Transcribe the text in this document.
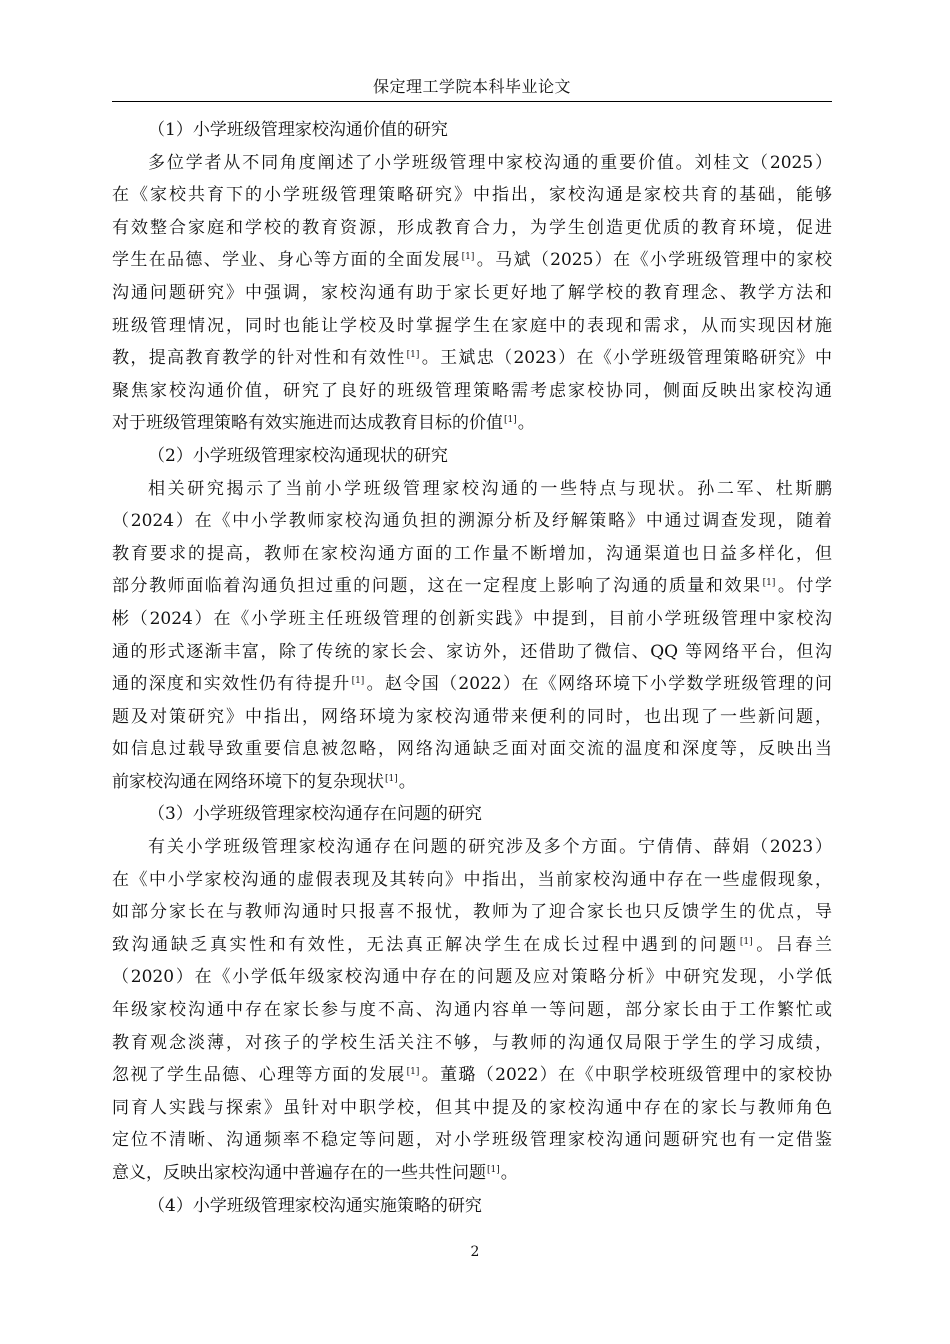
保定理工学院本科毕业论文
（1）小学班级管理家校沟通价值的研究
多位学者从不同角度阐述了小学班级管理中家校沟通的重要价值。刘桂文（2025）
在《家校共育下的小学班级管理策略研究》中指出，家校沟通是家校共育的基础，能够
有效整合家庭和学校的教育资源，形成教育合力，为学生创造更优质的教育环境，促进
学生在品德、学业、身心等方面的全面发展[1]。马斌（2025）在《小学班级管理中的家校
沟通问题研究》中强调，家校沟通有助于家长更好地了解学校的教育理念、教学方法和
班级管理情况，同时也能让学校及时掌握学生在家庭中的表现和需求，从而实现因材施
教，提高教育教学的针对性和有效性[1]。王斌忠（2023）在《小学班级管理策略研究》中
聚焦家校沟通价值，研究了良好的班级管理策略需考虑家校协同，侧面反映出家校沟通
对于班级管理策略有效实施进而达成教育目标的价值[1]。
（2）小学班级管理家校沟通现状的研究
相关研究揭示了当前小学班级管理家校沟通的一些特点与现状。孙二军、杜斯鹏
（2024）在《中小学教师家校沟通负担的溯源分析及纾解策略》中通过调查发现，随着
教育要求的提高，教师在家校沟通方面的工作量不断增加，沟通渠道也日益多样化，但
部分教师面临着沟通负担过重的问题，这在一定程度上影响了沟通的质量和效果[1]。付学
彬（2024）在《小学班主任班级管理的创新实践》中提到，目前小学班级管理中家校沟
通的形式逐渐丰富，除了传统的家长会、家访外，还借助了微信、QQ 等网络平台，但沟
通的深度和实效性仍有待提升[1]。赵令国（2022）在《网络环境下小学数学班级管理的问
题及对策研究》中指出，网络环境为家校沟通带来便利的同时，也出现了一些新问题，
如信息过载导致重要信息被忽略，网络沟通缺乏面对面交流的温度和深度等，反映出当
前家校沟通在网络环境下的复杂现状[1]。
（3）小学班级管理家校沟通存在问题的研究
有关小学班级管理家校沟通存在问题的研究涉及多个方面。宁倩倩、薛娟（2023）
在《中小学家校沟通的虚假表现及其转向》中指出，当前家校沟通中存在一些虚假现象，
如部分家长在与教师沟通时只报喜不报忧，教师为了迎合家长也只反馈学生的优点，导
致沟通缺乏真实性和有效性，无法真正解决学生在成长过程中遇到的问题[1]。吕春兰
（2020）在《小学低年级家校沟通中存在的问题及应对策略分析》中研究发现，小学低
年级家校沟通中存在家长参与度不高、沟通内容单一等问题，部分家长由于工作繁忙或
教育观念淡薄，对孩子的学校生活关注不够，与教师的沟通仅局限于学生的学习成绩，
忽视了学生品德、心理等方面的发展[1]。董璐（2022）在《中职学校班级管理中的家校协
同育人实践与探索》虽针对中职学校，但其中提及的家校沟通中存在的家长与教师角色
定位不清晰、沟通频率不稳定等问题，对小学班级管理家校沟通问题研究也有一定借鉴
意义，反映出家校沟通中普遍存在的一些共性问题[1]。
（4）小学班级管理家校沟通实施策略的研究
2
